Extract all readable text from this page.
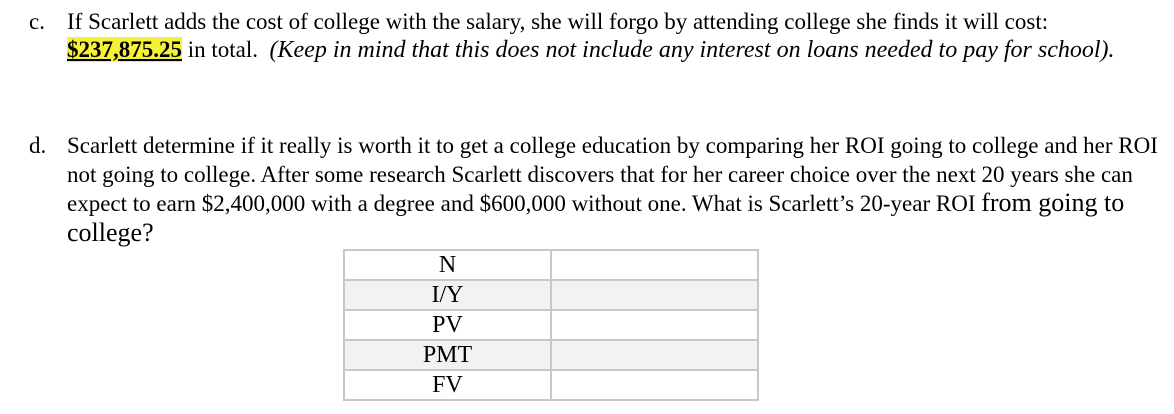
c. If Scarlett adds the cost of college with the salary, she will forgo by attending college she finds it will cost: $237,875.25 in total. (Keep in mind that this does not include any interest on loans needed to pay for school).

d. Scarlett determine if it really is worth it to get a college education by comparing her ROI going to college and her ROI not going to college. After some research Scarlett discovers that for her career choice over the next 20 years she can expect to earn $2,400,000 with a degree and $600,000 without one. What is Scarlett’s 20-year ROI from going to college?

N	
I/Y	
PV	
PMT	
FV	
